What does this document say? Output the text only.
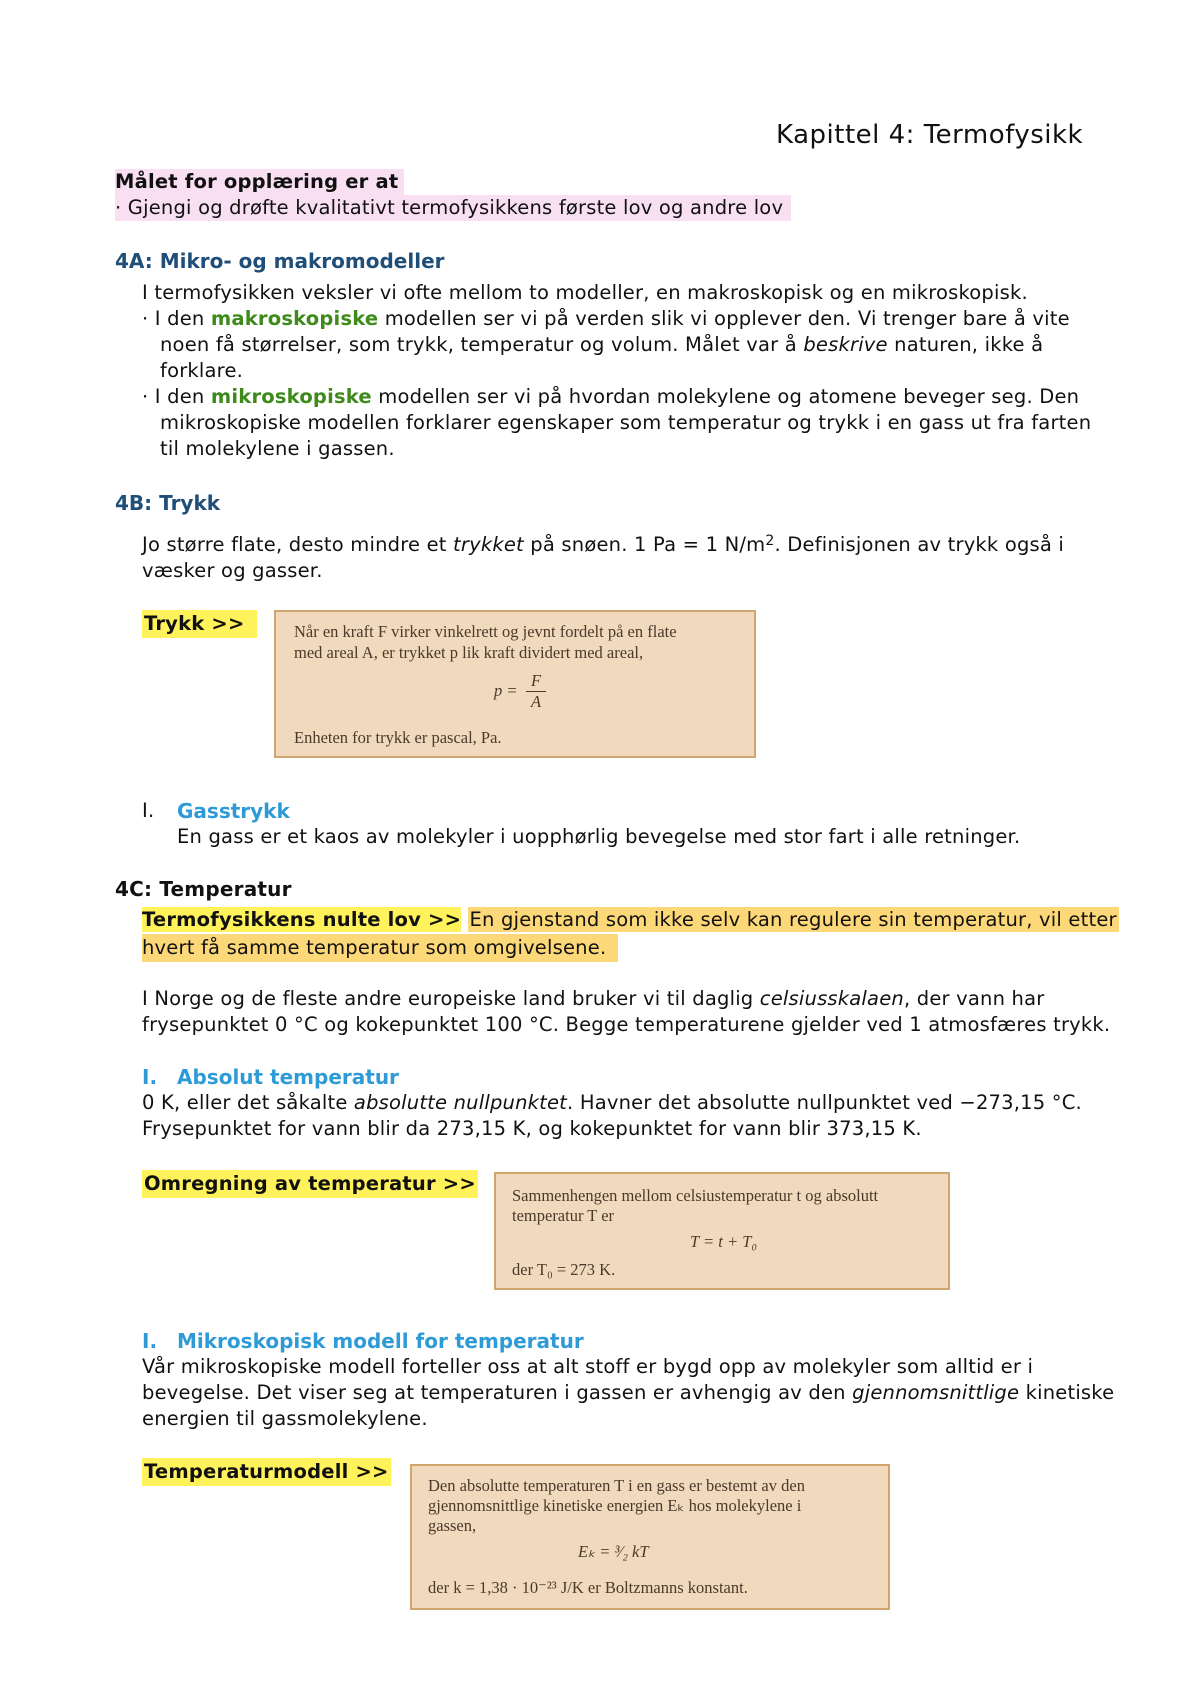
Kapittel 4: Termofysikk
Målet for opplæring er at
· Gjengi og drøfte kvalitativt termofysikkens første lov og andre lov
4A: Mikro- og makromodeller
I termofysikken veksler vi ofte mellom to modeller, en makroskopisk og en mikroskopisk.
· I den makroskopiske modellen ser vi på verden slik vi opplever den. Vi trenger bare å vite
noen få størrelser, som trykk, temperatur og volum. Målet var å beskrive naturen, ikke å
forklare.
· I den mikroskopiske modellen ser vi på hvordan molekylene og atomene beveger seg. Den
mikroskopiske modellen forklarer egenskaper som temperatur og trykk i en gass ut fra farten
til molekylene i gassen.
4B: Trykk
Jo større flate, desto mindre et trykket på snøen. 1 Pa = 1 $N/m^2$. Definisjonen av trykk også i
væsker og gasser.
Trykk >>	Når en kraft F virker vinkelrett og jevnt fordelt på en flate
med areal A, er trykket p lik kraft dividert med areal,
p =
F
A
Enheten for trykk er pascal, Pa.
I. Gasstrykk
En gass er et kaos av molekyler i uopphørlig bevegelse med stor fart i alle retninger.
4C: Temperatur
Termofysikkens nulte lov >> En gjenstand som ikke selv kan regulere sin temperatur, vil etter
hvert få samme temperatur som omgivelsene.
I Norge og de fleste andre europeiske land bruker vi til daglig celsiusskalaen, der vann har
frysepunktet 0 °C og kokepunktet 100 °C. Begge temperaturene gjelder ved 1 atmosfæres trykk.
I. Absolut temperatur
0 K, eller det såkalte absolutte nullpunktet. Havner det absolutte nullpunktet ved −273,15 °C.
Frysepunktet for vann blir da 273,15 K, og kokepunktet for vann blir 373,15 K.
Omregning av temperatur >>
Sammenhengen mellom celsiustemperatur t og absolutt
temperatur T er
T = t + T₀
der T₀ = 273 K.
I. Mikroskopisk modell for temperatur
Vår mikroskopiske modell forteller oss at alt stoff er bygd opp av molekyler som alltid er i
bevegelse. Det viser seg at temperaturen i gassen er avhengig av den gjennomsnittlige kinetiske
energien til gassmolekylene.
Temperaturmodell >>
Den absolutte temperaturen T i en gass er bestemt av den
gjennomsnittlige kinetiske energien Eₖ hos molekylene i
gassen,
Eₖ = ³⁄₂ kT
der k = 1,38 · 10⁻²³ J/K er Boltzmanns konstant.
